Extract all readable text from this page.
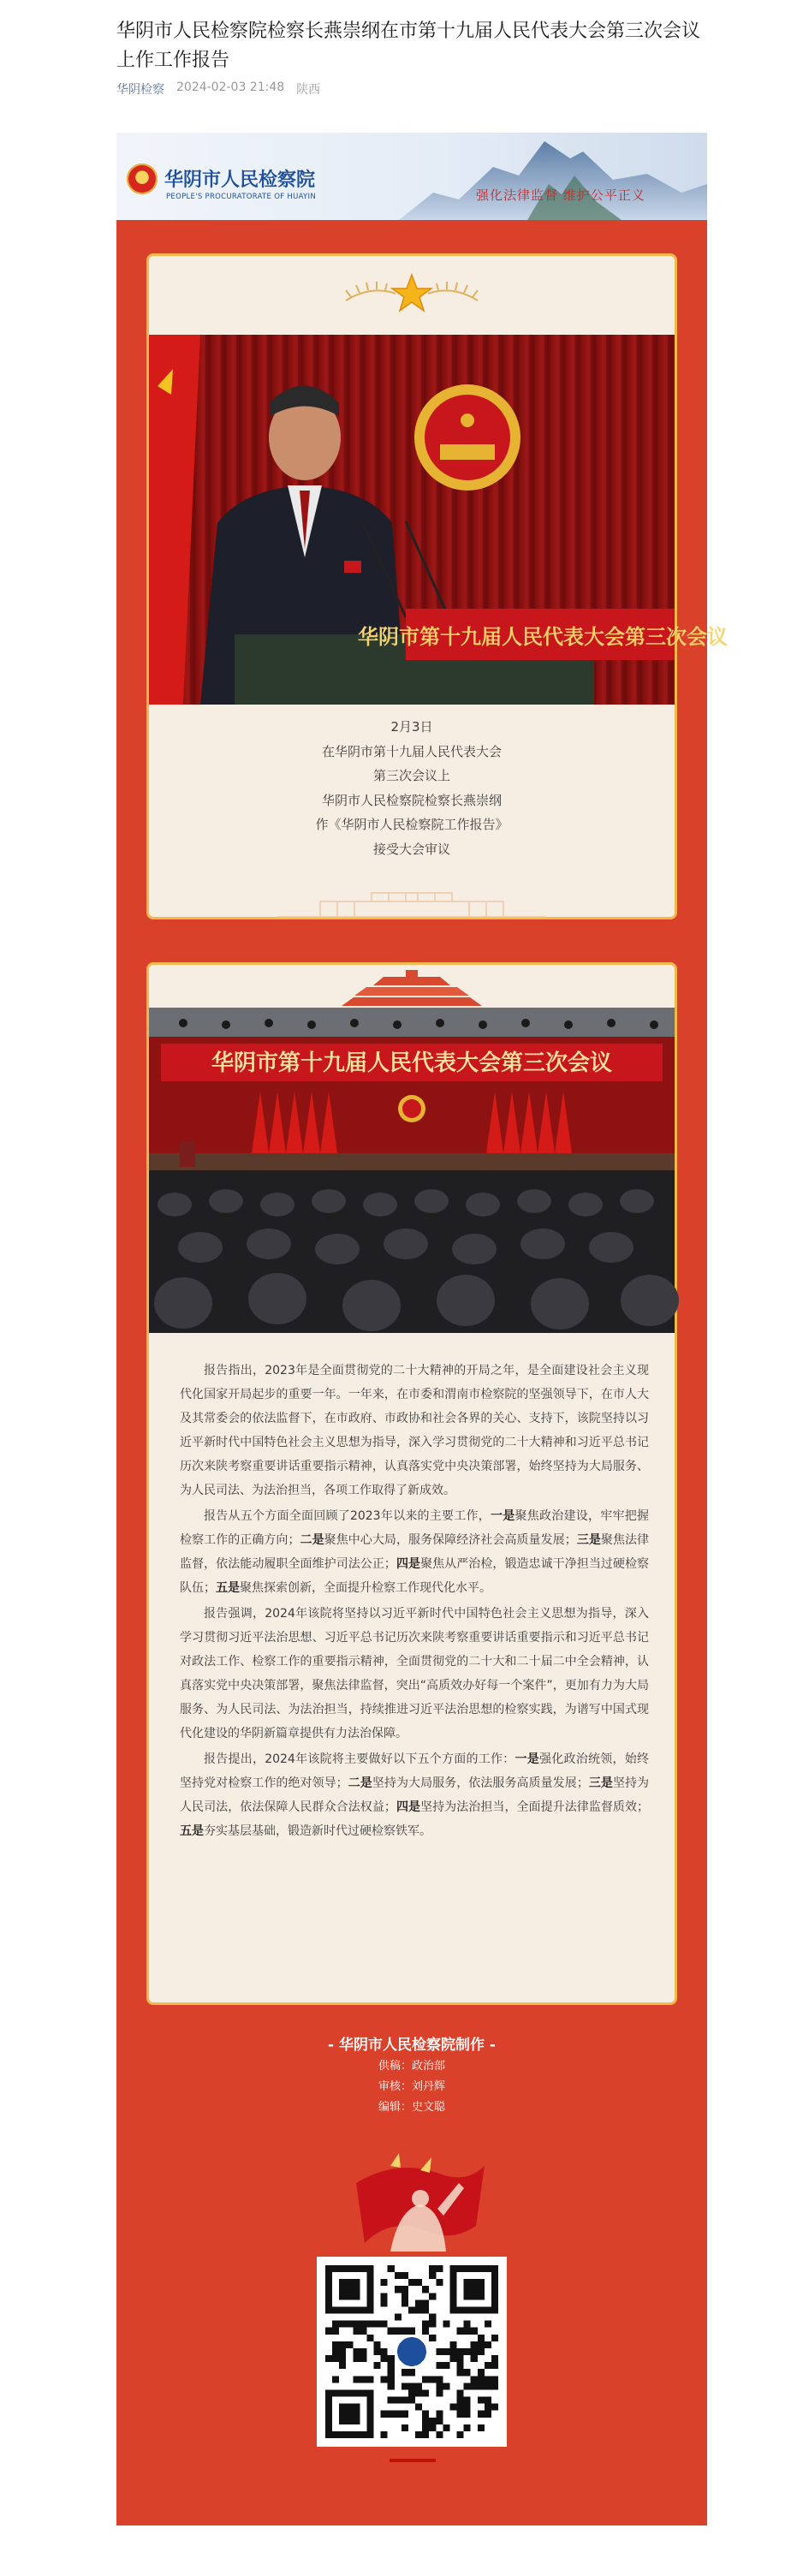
华阴市人民检察院检察长燕崇纲在市第十九届人民代表大会第三次会议上作工作报告
华阴检察 2024-02-03 21:48 陕西
华阴市人民检察院
PEOPLE'S PROCURATORATE OF HUAYIN	强化法律监督 维护公平正义
华阴市第十九届人民代表大会第三次会议
2月3日
在华阴市第十九届人民代表大会
第三次会议上
华阴市人民检察院检察长燕崇纲
作《华阴市人民检察院工作报告》
接受大会审议
华阴市第十九届人民代表大会第三次会议

报告指出，2023年是全面贯彻党的二十大精神的开局之年，是全面建设社会主义现代化国家开局起步的重要一年。一年来，在市委和渭南市检察院的坚强领导下，在市人大及其常委会的依法监督下，在市政府、市政协和社会各界的关心、支持下，该院坚持以习近平新时代中国特色社会主义思想为指导，深入学习贯彻党的二十大精神和习近平总书记历次来陕考察重要讲话重要指示精神，认真落实党中央决策部署，始终坚持为大局服务、为人民司法、为法治担当，各项工作取得了新成效。

报告从五个方面全面回顾了2023年以来的主要工作，一是聚焦政治建设，牢牢把握检察工作的正确方向；二是聚焦中心大局，服务保障经济社会高质量发展；三是聚焦法律监督，依法能动履职全面维护司法公正；四是聚焦从严治检，锻造忠诚干净担当过硬检察队伍；五是聚焦探索创新，全面提升检察工作现代化水平。

报告强调，2024年该院将坚持以习近平新时代中国特色社会主义思想为指导，深入学习贯彻习近平法治思想、习近平总书记历次来陕考察重要讲话重要指示和习近平总书记对政法工作、检察工作的重要指示精神，全面贯彻党的二十大和二十届二中全会精神，认真落实党中央决策部署，聚焦法律监督，突出“高质效办好每一个案件”，更加有力为大局服务、为人民司法、为法治担当，持续推进习近平法治思想的检察实践，为谱写中国式现代化建设的华阴新篇章提供有力法治保障。

报告提出，2024年该院将主要做好以下五个方面的工作：一是强化政治统领，始终坚持党对检察工作的绝对领导；二是坚持为大局服务，依法服务高质量发展；三是坚持为人民司法，依法保障人民群众合法权益；四是坚持为法治担当，全面提升法律监督质效；五是夯实基层基础，锻造新时代过硬检察铁军。

- 华阴市人民检察院制作 -
供稿：政治部
审核：刘丹辉
编辑：史文聪
